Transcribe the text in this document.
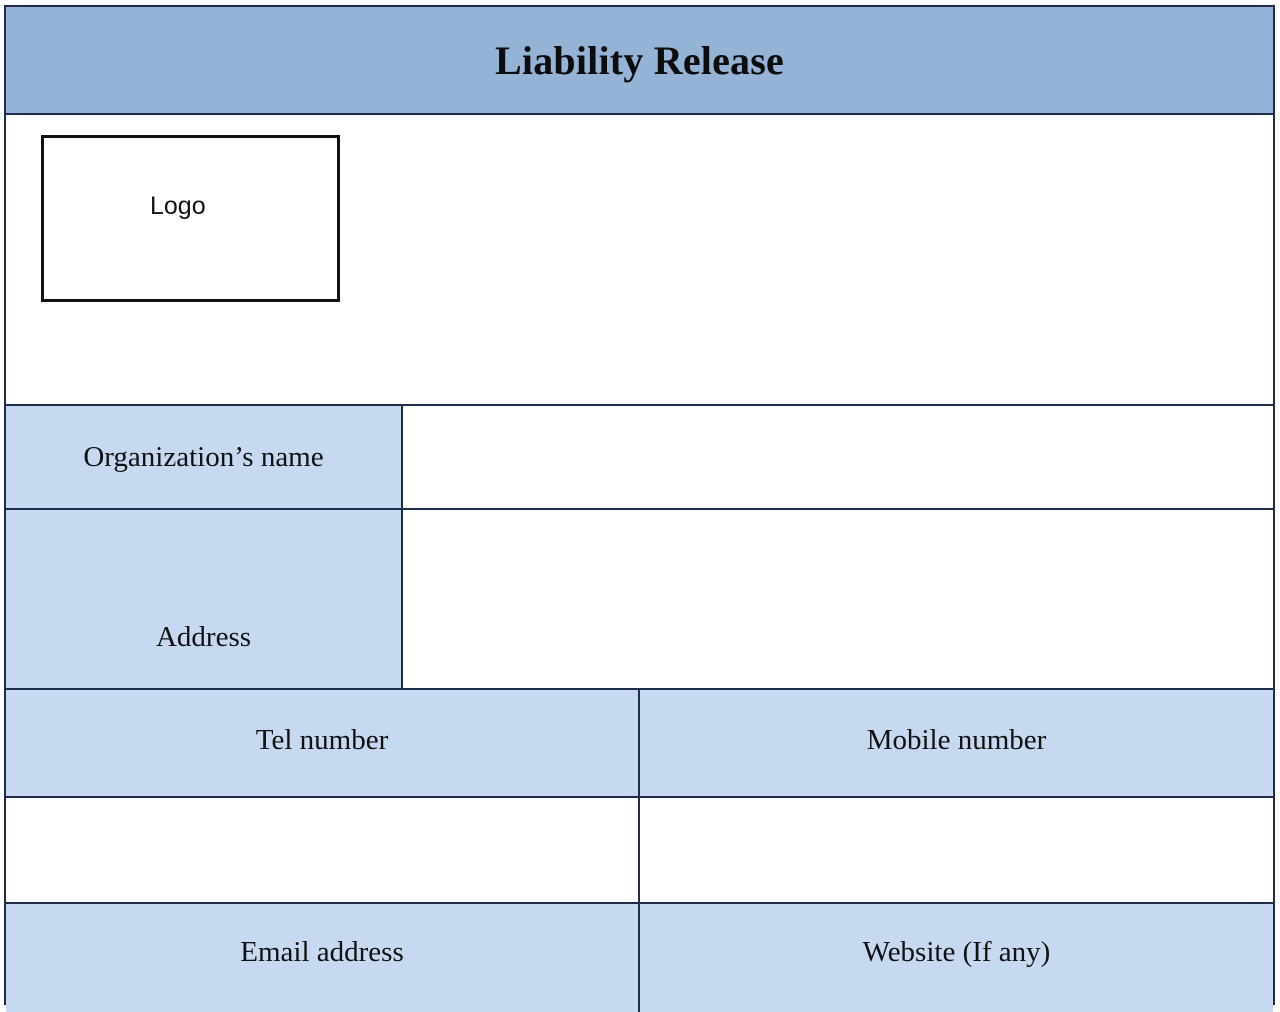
Liability Release
Logo
Organization’s name
Address
Tel number	Mobile number
Email address	Website (If any)
